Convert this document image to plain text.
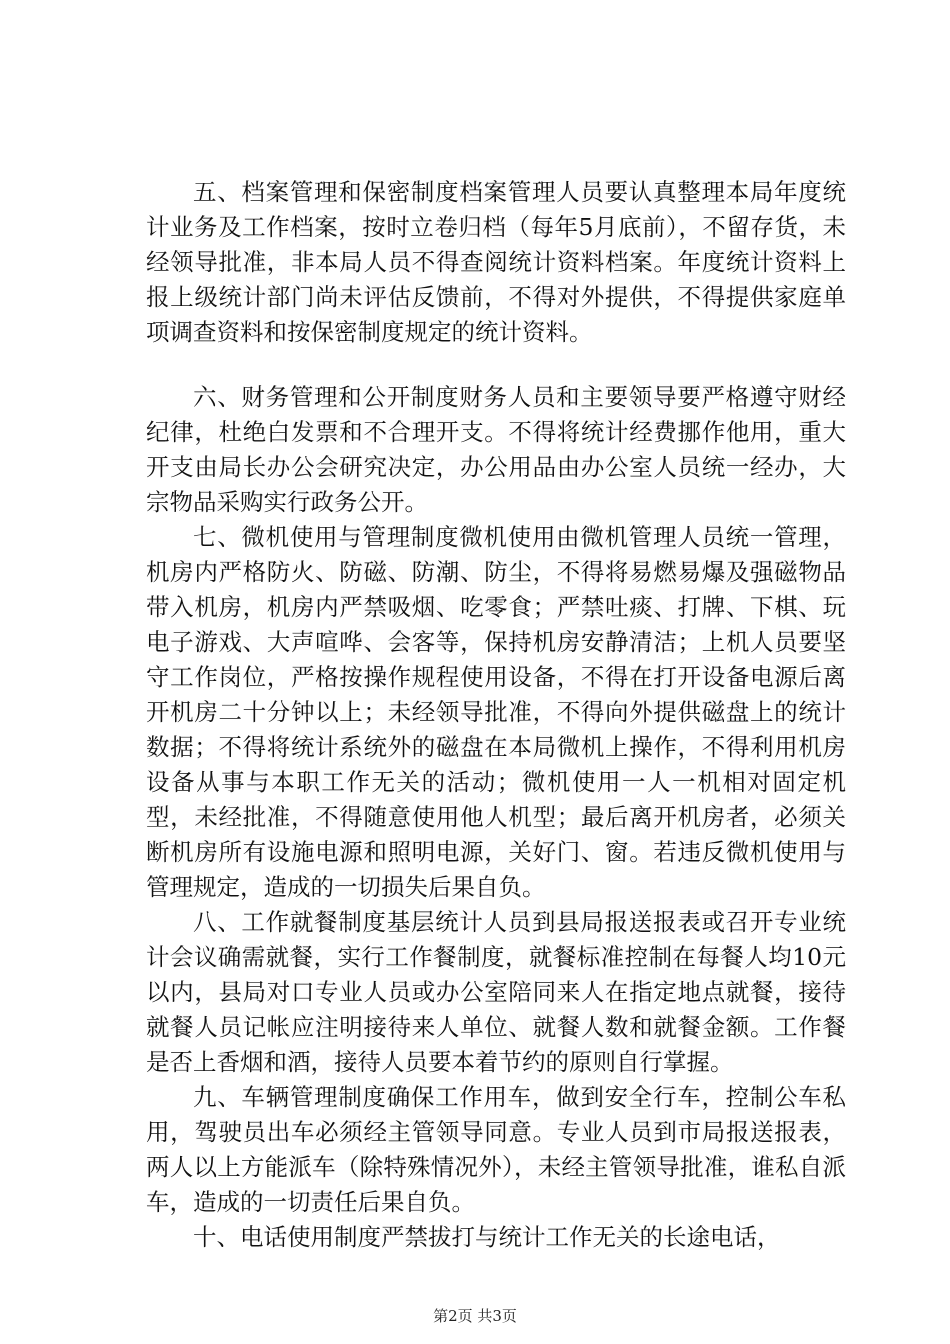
五、档案管理和保密制度档案管理人员要认真整理本局年度统计业务及工作档案，按时立卷归档（每年5月底前），不留存货，未经领导批准，非本局人员不得查阅统计资料档案。年度统计资料上报上级统计部门尚未评估反馈前，不得对外提供，不得提供家庭单项调查资料和按保密制度规定的统计资料。

六、财务管理和公开制度财务人员和主要领导要严格遵守财经纪律，杜绝白发票和不合理开支。不得将统计经费挪作他用，重大开支由局长办公会研究决定，办公用品由办公室人员统一经办，大宗物品采购实行政务公开。

七、微机使用与管理制度微机使用由微机管理人员统一管理，机房内严格防火、防磁、防潮、防尘，不得将易燃易爆及强磁物品带入机房，机房内严禁吸烟、吃零食；严禁吐痰、打牌、下棋、玩电子游戏、大声喧哗、会客等，保持机房安静清洁；上机人员要坚守工作岗位，严格按操作规程使用设备，不得在打开设备电源后离开机房二十分钟以上；未经领导批准，不得向外提供磁盘上的统计数据；不得将统计系统外的磁盘在本局微机上操作，不得利用机房设备从事与本职工作无关的活动；微机使用一人一机相对固定机型，未经批准，不得随意使用他人机型；最后离开机房者，必须关断机房所有设施电源和照明电源，关好门、窗。若违反微机使用与管理规定，造成的一切损失后果自负。

八、工作就餐制度基层统计人员到县局报送报表或召开专业统计会议确需就餐，实行工作餐制度，就餐标准控制在每餐人均10元以内，县局对口专业人员或办公室陪同来人在指定地点就餐，接待就餐人员记帐应注明接待来人单位、就餐人数和就餐金额。工作餐是否上香烟和酒，接待人员要本着节约的原则自行掌握。

九、车辆管理制度确保工作用车，做到安全行车，控制公车私用，驾驶员出车必须经主管领导同意。专业人员到市局报送报表，两人以上方能派车（除特殊情况外），未经主管领导批准，谁私自派车，造成的一切责任后果自负。

十、电话使用制度严禁拔打与统计工作无关的长途电话，

第2页 共3页
